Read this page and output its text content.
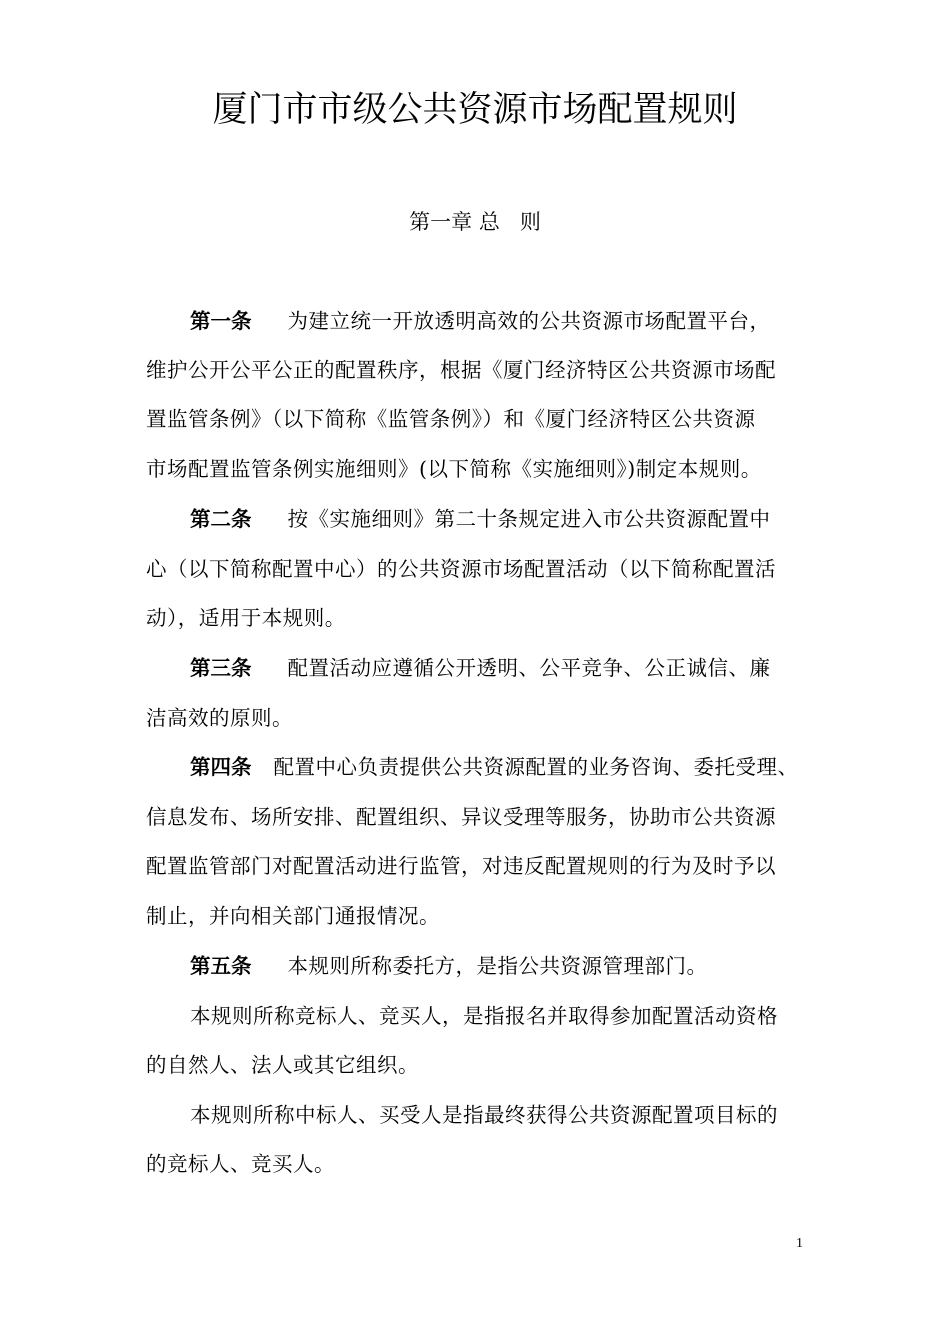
厦门市市级公共资源市场配置规则
第一章 总   则
第一条 为建立统一开放透明高效的公共资源市场配置平台，
维护公开公平公正的配置秩序，根据《厦门经济特区公共资源市场配
置监管条例》（以下简称《监管条例》）和《厦门经济特区公共资源
市场配置监管条例实施细则》(以下简称《实施细则》)制定本规则。
第二条 按《实施细则》第二十条规定进入市公共资源配置中
心（以下简称配置中心）的公共资源市场配置活动（以下简称配置活
动），适用于本规则。
第三条 配置活动应遵循公开透明、公平竞争、公正诚信、廉
洁高效的原则。
第四条 配置中心负责提供公共资源配置的业务咨询、委托受理、
信息发布、场所安排、配置组织、异议受理等服务，协助市公共资源
配置监管部门对配置活动进行监管，对违反配置规则的行为及时予以
制止，并向相关部门通报情况。
第五条 本规则所称委托方，是指公共资源管理部门。
本规则所称竞标人、竞买人，是指报名并取得参加配置活动资格
的自然人、法人或其它组织。
本规则所称中标人、买受人是指最终获得公共资源配置项目标的
的竞标人、竞买人。
1
